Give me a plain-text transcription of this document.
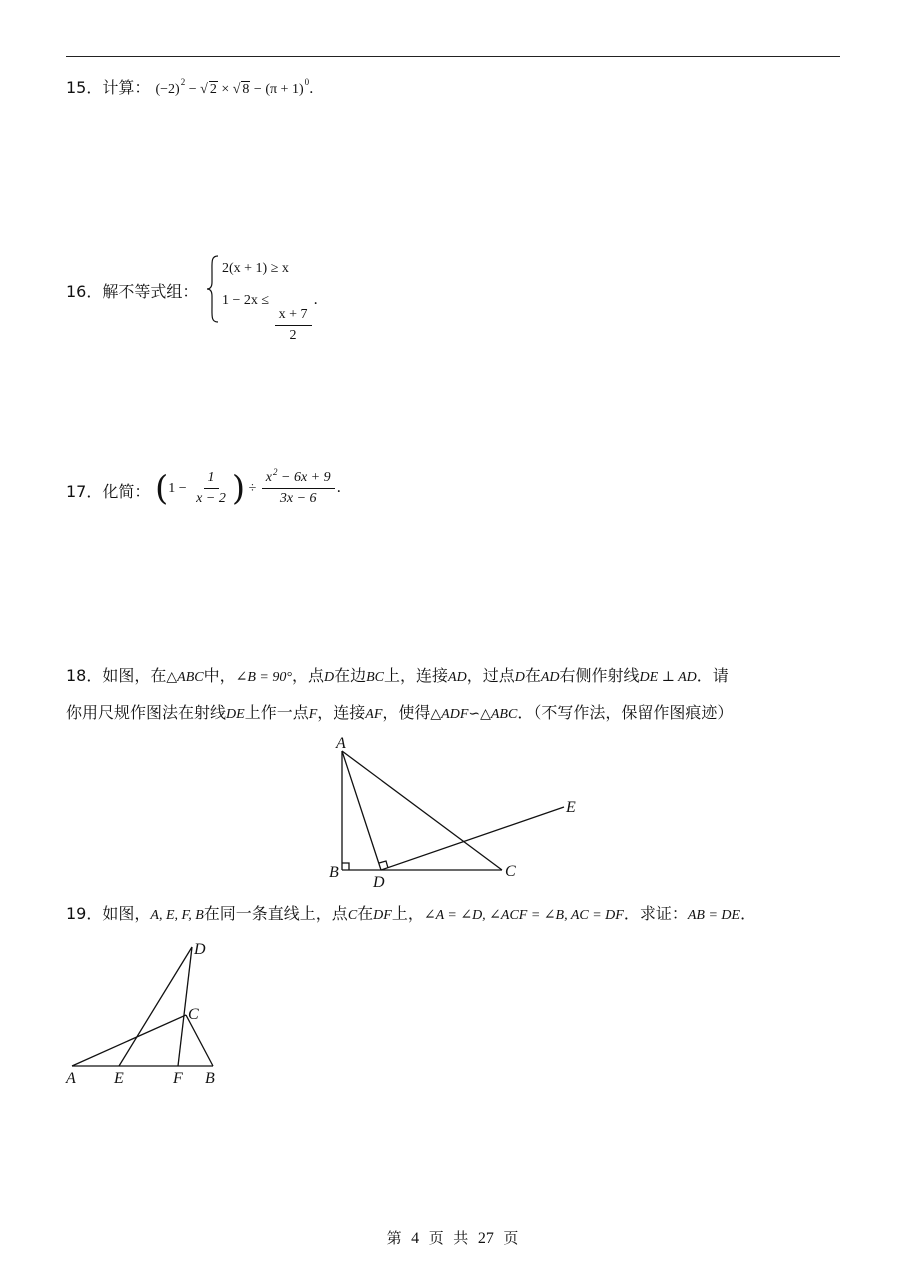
15．计算： $(-2)^2$ − √ 2 × √ $8 - (\pi + 1)^0$．
16．解不等式组：
2(x + 1) ≥ x
1 − 2x ≤
$\frac{x + 7}{2}$
．
17．化简： ($1 - \frac{1}{x - 2}$ ) ÷ $\frac{x^2 - 6x + 9}{3x - 6}$ ．
18．如图，在△ABC中，∠B = 90°，点D在边BC上，连接AD，过点D在AD右侧作射线DE ⊥ AD．请
你用尺规作图法在射线DE上作一点F，连接AF，使得△ADF∽△ABC．（不写作法，保留作图痕迹）
A
B	C
D
E
A E	F B
C
D
19．如图，A, E, F, B在同一条直线上，点C在DF上，∠A = ∠D, ∠ACF = ∠B, AC = DF．求证：AB = DE．
第 4 页 共 27 页
